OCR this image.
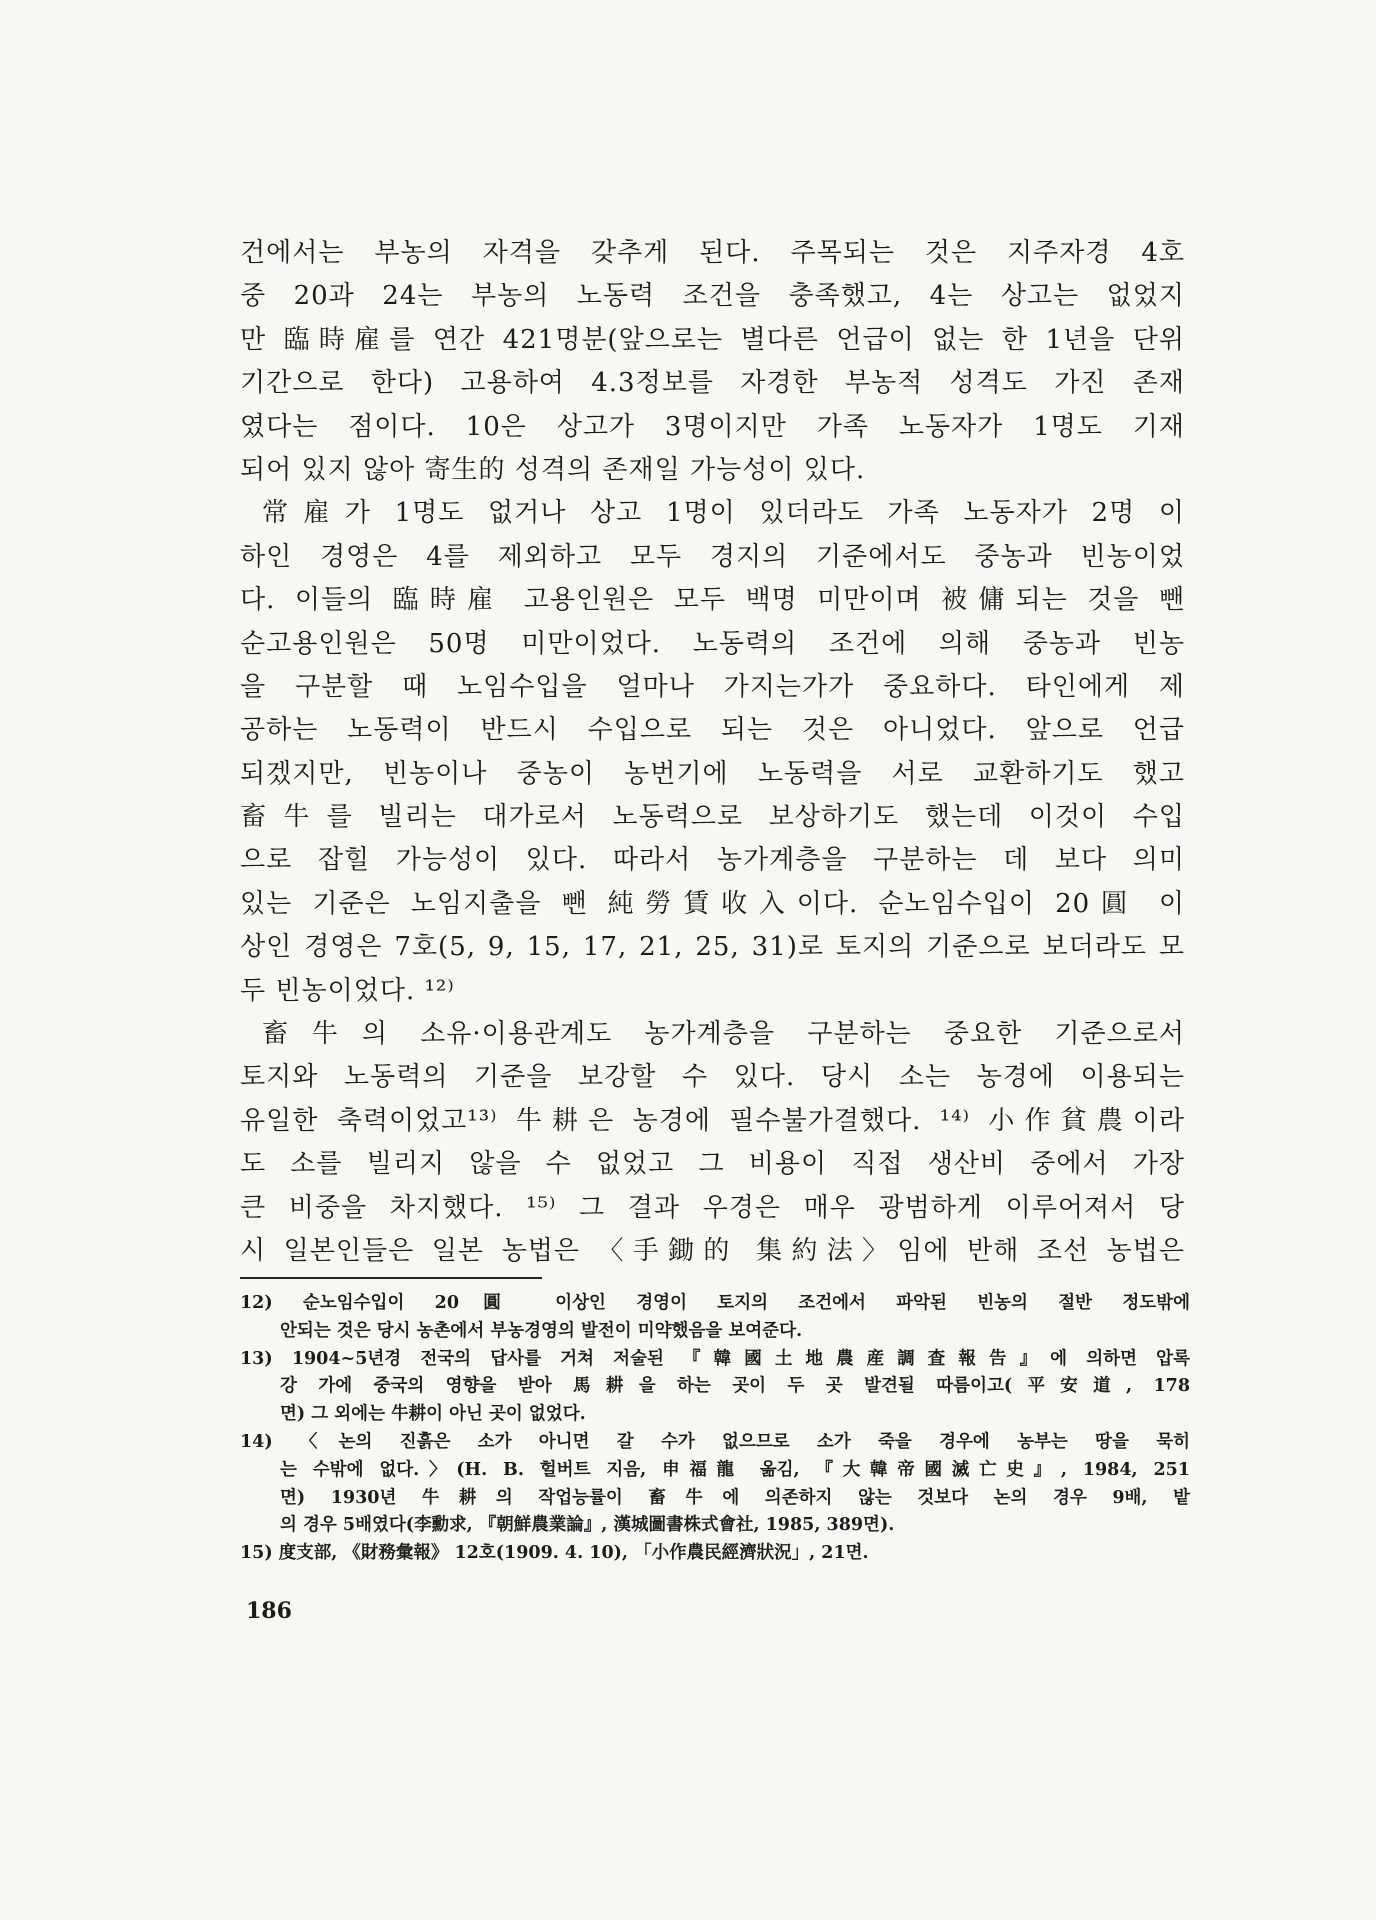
건에서는 부농의 자격을 갖추게 된다. 주목되는 것은 지주자경 4호
중 20과 24는 부농의 노동력 조건을 충족했고, 4는 상고는 없었지
만 臨時雇를 연간 421명분(앞으로는 별다른 언급이 없는 한 1년을 단위
기간으로 한다) 고용하여 4.3정보를 자경한 부농적 성격도 가진 존재
였다는 점이다. 10은 상고가 3명이지만 가족 노동자가 1명도 기재
되어 있지 않아 寄生的 성격의 존재일 가능성이 있다.
常雇가 1명도 없거나 상고 1명이 있더라도 가족 노동자가 2명 이
하인 경영은 4를 제외하고 모두 경지의 기준에서도 중농과 빈농이었
다. 이들의 臨時雇 고용인원은 모두 백명 미만이며 被傭되는 것을 뺀
순고용인원은 50명 미만이었다. 노동력의 조건에 의해 중농과 빈농
을 구분할 때 노임수입을 얼마나 가지는가가 중요하다. 타인에게 제
공하는 노동력이 반드시 수입으로 되는 것은 아니었다. 앞으로 언급
되겠지만, 빈농이나 중농이 농번기에 노동력을 서로 교환하기도 했고
畜牛를 빌리는 대가로서 노동력으로 보상하기도 했는데 이것이 수입
으로 잡힐 가능성이 있다. 따라서 농가계층을 구분하는 데 보다 의미
있는 기준은 노임지출을 뺀 純勞賃收入이다. 순노임수입이 20圓 이
상인 경영은 7호(5, 9, 15, 17, 21, 25, 31)로 토지의 기준으로 보더라도 모
두 빈농이었다. ¹²⁾
畜牛의 소유·이용관계도 농가계층을 구분하는 중요한 기준으로서
토지와 노동력의 기준을 보강할 수 있다. 당시 소는 농경에 이용되는
유일한 축력이었고¹³⁾ 牛耕은 농경에 필수불가결했다. ¹⁴⁾ 小作貧農이라
도 소를 빌리지 않을 수 없었고 그 비용이 직접 생산비 중에서 가장
큰 비중을 차지했다. ¹⁵⁾ 그 결과 우경은 매우 광범하게 이루어져서 당
시 일본인들은 일본 농법은 〈手鋤的 集約法〉임에 반해 조선 농법은
12) 순노임수입이 20圓 이상인 경영이 토지의 조건에서 파악된 빈농의 절반 정도밖에
안되는 것은 당시 농촌에서 부농경영의 발전이 미약했음을 보여준다.
13) 1904~5년경 전국의 답사를 거쳐 저술된 『韓國土地農産調査報告』에 의하면 압록
강 가에 중국의 영향을 받아 馬耕을 하는 곳이 두 곳 발견될 따름이고(平安道, 178
면) 그 외에는 牛耕이 아닌 곳이 없었다.
14) 〈논의 진흙은 소가 아니면 갈 수가 없으므로 소가 죽을 경우에 농부는 땅을 묵히
는 수밖에 없다.〉(H. B. 헐버트 지음, 申福龍 옮김, 『大韓帝國滅亡史』, 1984, 251
면) 1930년 牛耕의 작업능률이 畜牛에 의존하지 않는 것보다 논의 경우 9배, 밭
의 경우 5배였다(李勳求, 『朝鮮農業論』, 漢城圖書株式會社, 1985, 389면).
15) 度支部, 《財務彙報》 12호(1909. 4. 10), 「小作農民經濟狀況」, 21면.
186
